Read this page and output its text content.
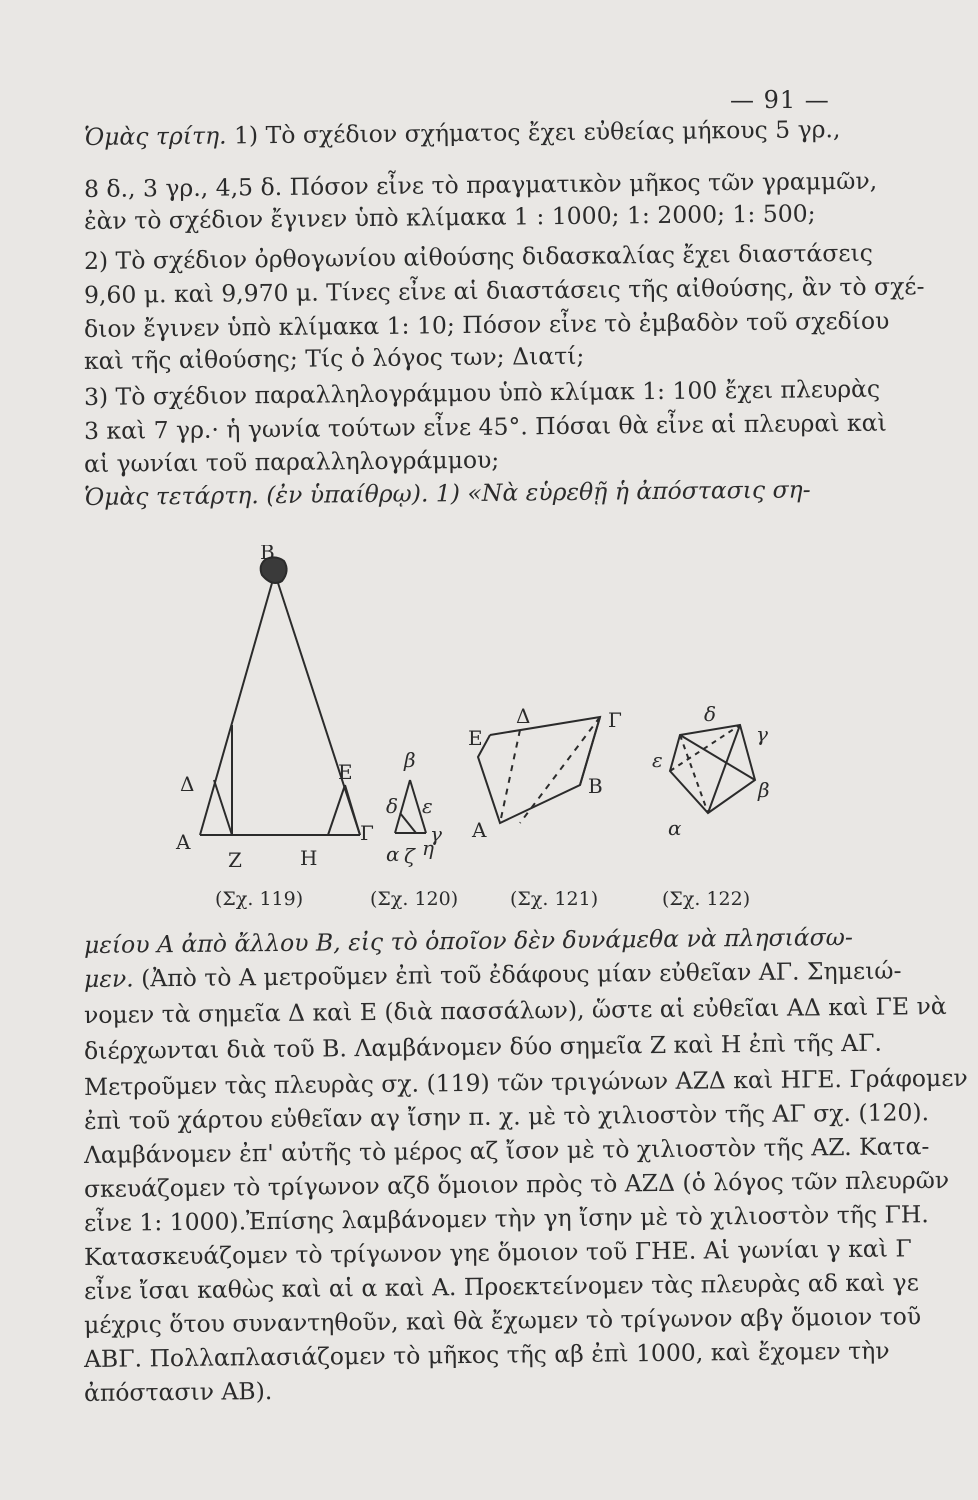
— 91 —
Ὁμὰς τρίτη. 1) Τὸ σχέδιον σχήματος ἔχει εὐθείας μήκους 5 γρ.,
8 δ., 3 γρ., 4,5 δ. Πόσον εἶνε τὸ πραγματικὸν μῆκος τῶν γραμμῶν,
ἐὰν τὸ σχέδιον ἔγινεν ὑπὸ κλίμακα 1 : 1000; 1: 2000; 1: 500;
2) Τὸ σχέδιον ὀρθογωνίου αἰθούσης διδασκαλίας ἔχει διαστάσεις
9,60 μ. καὶ 9,970 μ. Τίνες εἶνε αἱ διαστάσεις τῆς αἰθούσης, ἂν τὸ σχέ-
διον ἔγινεν ὑπὸ κλίμακα 1: 10; Πόσον εἶνε τὸ ἐμβαδὸν τοῦ σχεδίου
καὶ τῆς αἰθούσης; Τίς ὁ λόγος των; Διατί;
3) Τὸ σχέδιον παραλληλογράμμου ὑπὸ κλίμακ 1: 100 ἔχει πλευρὰς
3 καὶ 7 γρ.· ἡ γωνία τούτων εἶνε 45°. Πόσαι θὰ εἶνε αἱ πλευραὶ καὶ
αἱ γωνίαι τοῦ παραλληλογράμμου;
Ὁμὰς τετάρτη. (ἐν ὑπαίθρῳ). 1) «Νὰ εὑρεθῇ ἡ ἀπόστασις ση-
B
Δ	E
A
Z	H
Γ
β
δ ε
α ζ η
γ
Δ	Γ
E
A
B
δ
γ
ε
α
β
(Σχ. 119)	(Σχ. 120)	(Σχ. 121)	(Σχ. 122)
μείου A ἀπὸ ἄλλου B, εἰς τὸ ὁποῖον δὲν δυνάμεθα νὰ πλησιάσω-
μεν. (Ἀπὸ τὸ A μετροῦμεν ἐπὶ τοῦ ἐδάφους μίαν εὐθεῖαν AΓ. Σημειώ-
νομεν τὰ σημεῖα Δ καὶ E (διὰ πασσάλων), ὥστε αἱ εὐθεῖαι AΔ καὶ ΓE νὰ
διέρχωνται διὰ τοῦ B. Λαμβάνομεν δύο σημεῖα Z καὶ H ἐπὶ τῆς AΓ.
Μετροῦμεν τὰς πλευρὰς σχ. (119) τῶν τριγώνων AZΔ καὶ HΓE. Γράφομεν
ἐπὶ τοῦ χάρτου εὐθεῖαν αγ ἴσην π. χ. μὲ τὸ χιλιοστὸν τῆς AΓ σχ. (120).
Λαμβάνομεν ἐπ' αὐτῆς τὸ μέρος αζ ἴσον μὲ τὸ χιλιοστὸν τῆς AZ. Κατα-
σκευάζομεν τὸ τρίγωνον αζδ ὅμοιον πρὸς τὸ AZΔ (ὁ λόγος τῶν πλευρῶν
εἶνε 1: 1000).Ἐπίσης λαμβάνομεν τὴν γη ἴσην μὲ τὸ χιλιοστὸν τῆς ΓH.
Κατασκευάζομεν τὸ τρίγωνον γηε ὅμοιον τοῦ ΓHE. Αἱ γωνίαι γ καὶ Γ
εἶνε ἴσαι καθὼς καὶ αἱ α καὶ A. Προεκτείνομεν τὰς πλευρὰς αδ καὶ γε
μέχρις ὅτου συναντηθοῦν, καὶ θὰ ἔχωμεν τὸ τρίγωνον αβγ ὅμοιον τοῦ
ABΓ. Πολλαπλασιάζομεν τὸ μῆκος τῆς αβ ἐπὶ 1000, καὶ ἔχομεν τὴν
ἀπόστασιν AB).
